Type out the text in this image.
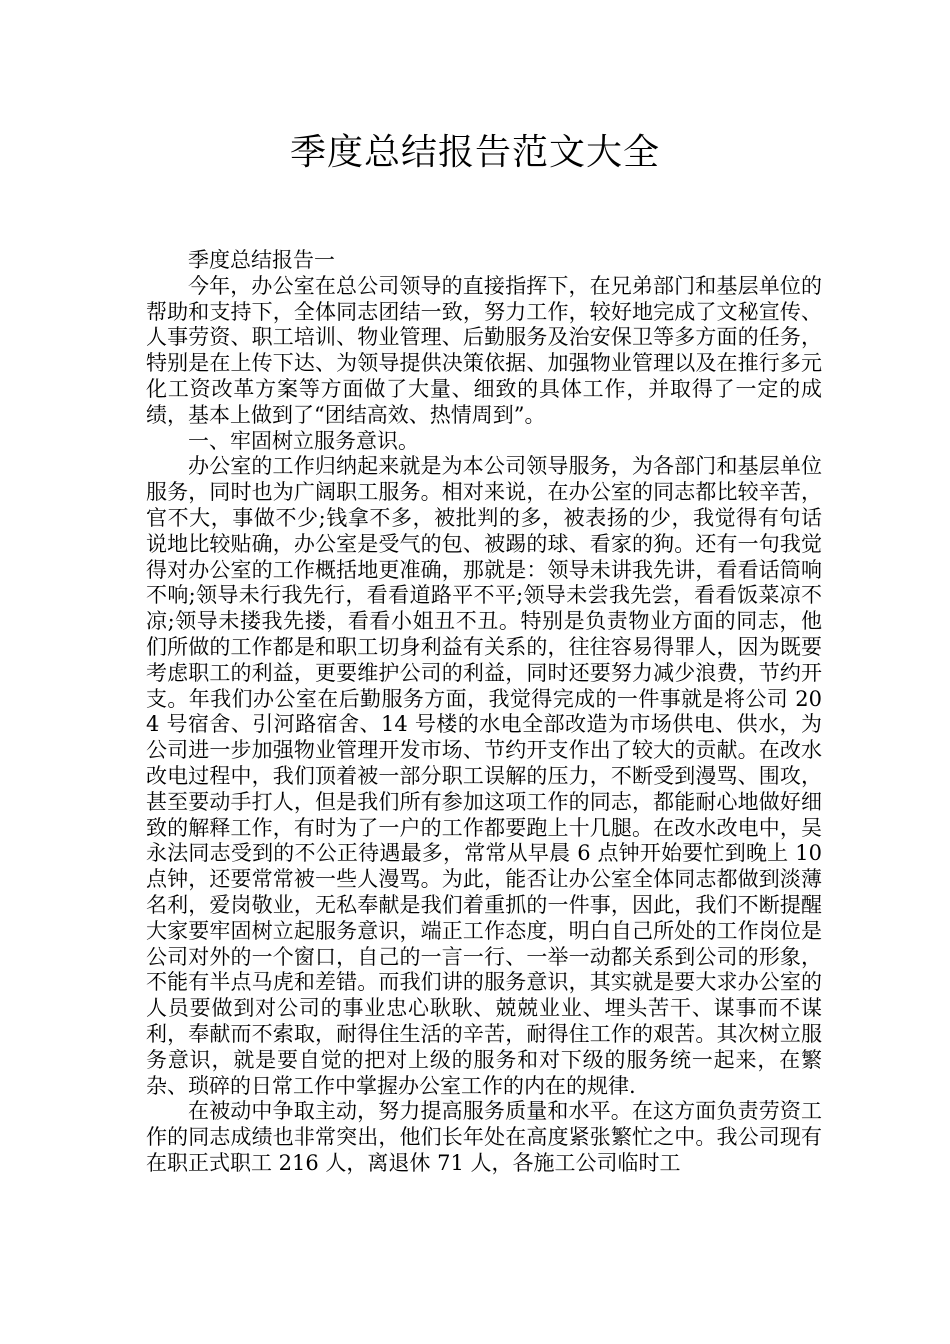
季度总结报告范文大全

季度总结报告一

今年，办公室在总公司领导的直接指挥下，在兄弟部门和基层单位的帮助和支持下，全体同志团结一致，努力工作，较好地完成了文秘宣传、人事劳资、职工培训、物业管理、后勤服务及治安保卫等多方面的任务，特别是在上传下达、为领导提供决策依据、加强物业管理以及在推行多元化工资改革方案等方面做了大量、细致的具体工作，并取得了一定的成绩，基本上做到了“团结高效、热情周到”。

一、牢固树立服务意识。

办公室的工作归纳起来就是为本公司领导服务，为各部门和基层单位服务，同时也为广阔职工服务。相对来说，在办公室的同志都比较辛苦，官不大，事做不少;钱拿不多，被批判的多，被表扬的少，我觉得有句话说地比较贴确，办公室是受气的包、被踢的球、看家的狗。还有一句我觉得对办公室的工作概括地更准确，那就是：领导未讲我先讲，看看话筒响不响;领导未行我先行，看看道路平不平;领导未尝我先尝，看看饭菜凉不凉;领导未搂我先搂，看看小姐丑不丑。特别是负责物业方面的同志，他们所做的工作都是和职工切身利益有关系的，往往容易得罪人，因为既要考虑职工的利益，更要维护公司的利益，同时还要努力减少浪费，节约开支。年我们办公室在后勤服务方面，我觉得完成的一件事就是将公司 204 号宿舍、引河路宿舍、14 号楼的水电全部改造为市场供电、供水，为公司进一步加强物业管理开发市场、节约开支作出了较大的贡献。在改水改电过程中，我们顶着被一部分职工误解的压力，不断受到漫骂、围攻，甚至要动手打人，但是我们所有参加这项工作的同志，都能耐心地做好细致的解释工作，有时为了一户的工作都要跑上十几腿。在改水改电中，吴永法同志受到的不公正待遇最多，常常从早晨 6 点钟开始要忙到晚上 10 点钟，还要常常被一些人漫骂。为此，能否让办公室全体同志都做到淡薄名利，爱岗敬业，无私奉献是我们着重抓的一件事，因此，我们不断提醒大家要牢固树立起服务意识，端正工作态度，明白自己所处的工作岗位是公司对外的一个窗口，自己的一言一行、一举一动都关系到公司的形象，不能有半点马虎和差错。而我们讲的服务意识，其实就是要大求办公室的人员要做到对公司的事业忠心耿耿、兢兢业业、埋头苦干、谋事而不谋利，奉献而不索取，耐得住生活的辛苦，耐得住工作的艰苦。其次树立服务意识，就是要自觉的把对上级的服务和对下级的服务统一起来，在繁杂、琐碎的日常工作中掌握办公室工作的内在的规律.

在被动中争取主动，努力提高服务质量和水平。在这方面负责劳资工作的同志成绩也非常突出，他们长年处在高度紧张繁忙之中。我公司现有在职正式职工 216 人，离退休 71 人，各施工公司临时工
